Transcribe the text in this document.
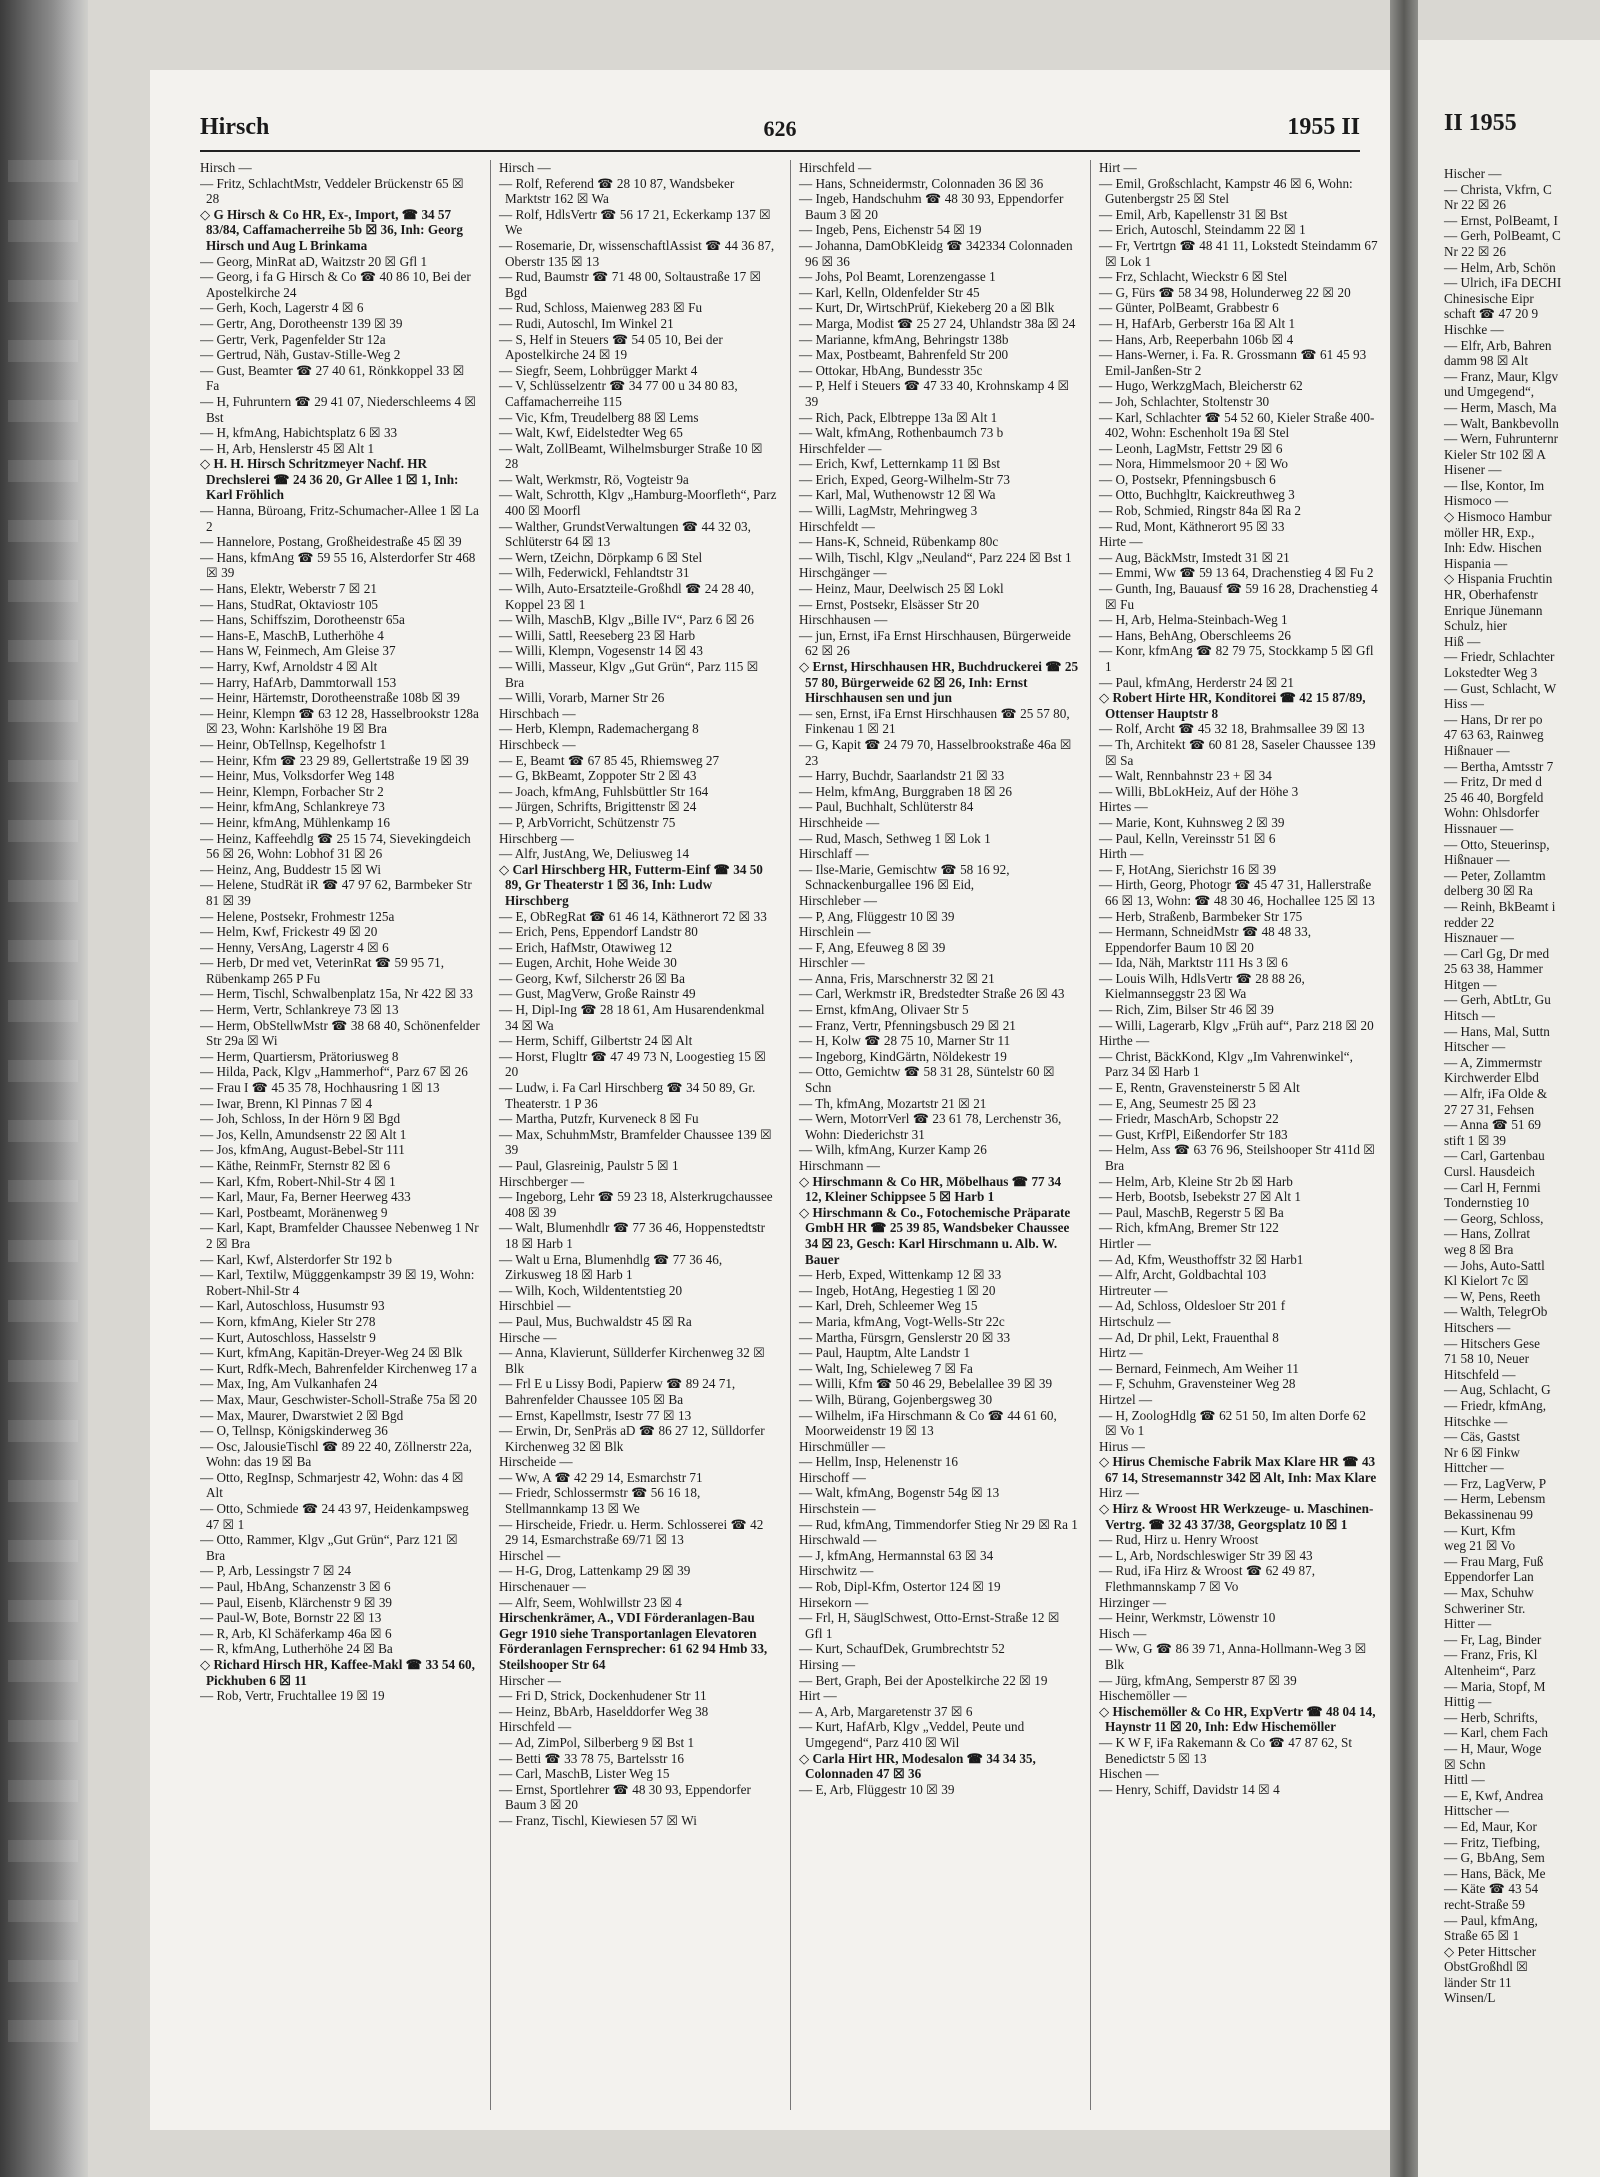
Hirsch	626	1955 II
Hirsch —
— Fritz, SchlachtMstr, Veddeler Brückenstr 65 ☒ 28
◇ G Hirsch & Co HR, Ex-, Import, ☎ 34 57 83/84, Caffamacherreihe 5b ☒ 36, Inh: Georg Hirsch und Aug L Brinkama
— Georg, MinRat aD, Waitzstr 20 ☒ Gfl 1
— Georg, i fa G Hirsch & Co ☎ 40 86 10, Bei der Apostelkirche 24
— Gerh, Koch, Lagerstr 4 ☒ 6
— Gertr, Ang, Dorotheenstr 139 ☒ 39
— Gertr, Verk, Pagenfelder Str 12a
— Gertrud, Näh, Gustav-Stille-Weg 2
— Gust, Beamter ☎ 27 40 61, Rönkkoppel 33 ☒ Fa
— H, Fuhruntern ☎ 29 41 07, Niederschleems 4 ☒ Bst
— H, kfmAng, Habichtsplatz 6 ☒ 33
— H, Arb, Henslerstr 45 ☒ Alt 1
◇ H. H. Hirsch Schritzmeyer Nachf. HR Drechslerei ☎ 24 36 20, Gr Allee 1 ☒ 1, Inh: Karl Fröhlich
— Hanna, Büroang, Fritz-Schumacher-Allee 1 ☒ La 2
— Hannelore, Postang, Großheidestraße 45 ☒ 39
— Hans, kfmAng ☎ 59 55 16, Alsterdorfer Str 468 ☒ 39
— Hans, Elektr, Weberstr 7 ☒ 21
— Hans, StudRat, Oktaviostr 105
— Hans, Schiffszim, Dorotheenstr 65a
— Hans-E, MaschB, Lutherhöhe 4
— Hans W, Feinmech, Am Gleise 37
— Harry, Kwf, Arnoldstr 4 ☒ Alt
— Harry, HafArb, Dammtorwall 153
— Heinr, Härtemstr, Dorotheenstraße 108b ☒ 39
— Heinr, Klempn ☎ 63 12 28, Hasselbrookstr 128a ☒ 23, Wohn: Karlshöhe 19 ☒ Bra
— Heinr, ObTellnsp, Kegelhofstr 1
— Heinr, Kfm ☎ 23 29 89, Gellertstraße 19 ☒ 39
— Heinr, Mus, Volksdorfer Weg 148
— Heinr, Klempn, Forbacher Str 2
— Heinr, kfmAng, Schlankreye 73
— Heinr, kfmAng, Mühlenkamp 16
— Heinz, Kaffeehdlg ☎ 25 15 74, Sievekingdeich 56 ☒ 26, Wohn: Lobhof 31 ☒ 26
— Heinz, Ang, Buddestr 15 ☒ Wi
— Helene, StudRät iR ☎ 47 97 62, Barmbeker Str 81 ☒ 39
— Helene, Postsekr, Frohmestr 125a
— Helm, Kwf, Frickestr 49 ☒ 20
— Henny, VersAng, Lagerstr 4 ☒ 6
— Herb, Dr med vet, VeterinRat ☎ 59 95 71, Rübenkamp 265 P Fu
— Herm, Tischl, Schwalbenplatz 15a, Nr 422 ☒ 33
— Herm, Vertr, Schlankreye 73 ☒ 13
— Herm, ObStellwMstr ☎ 38 68 40, Schönenfelder Str 29a ☒ Wi
— Herm, Quartiersm, Prätoriusweg 8
— Hilda, Pack, Klgv „Hammerhof“, Parz 67 ☒ 26
— Frau I ☎ 45 35 78, Hochhausring 1 ☒ 13
— Iwar, Brenn, Kl Pinnas 7 ☒ 4
— Joh, Schloss, In der Hörn 9 ☒ Bgd
— Jos, Kelln, Amundsenstr 22 ☒ Alt 1
— Jos, kfmAng, August-Bebel-Str 111
— Käthe, ReinmFr, Sternstr 82 ☒ 6
— Karl, Kfm, Robert-Nhil-Str 4 ☒ 1
— Karl, Maur, Fa, Berner Heerweg 433
— Karl, Postbeamt, Moränenweg 9
— Karl, Kapt, Bramfelder Chaussee Nebenweg 1 Nr 2 ☒ Bra
— Karl, Kwf, Alsterdorfer Str 192 b
— Karl, Textilw, Mügggenkampstr 39 ☒ 19, Wohn: Robert-Nhil-Str 4
— Karl, Autoschloss, Husumstr 93
— Korn, kfmAng, Kieler Str 278
— Kurt, Autoschloss, Hasselstr 9
— Kurt, kfmAng, Kapitän-Dreyer-Weg 24 ☒ Blk
— Kurt, Rdfk-Mech, Bahrenfelder Kirchenweg 17 a
— Max, Ing, Am Vulkanhafen 24
— Max, Maur, Geschwister-Scholl-Straße 75a ☒ 20
— Max, Maurer, Dwarstwiet 2 ☒ Bgd
— O, Tellnsp, Königskinderweg 36
— Osc, JalousieTischl ☎ 89 22 40, Zöllnerstr 22a, Wohn: das 19 ☒ Ba
— Otto, RegInsp, Schmarjestr 42, Wohn: das 4 ☒ Alt
— Otto, Schmiede ☎ 24 43 97, Heidenkampsweg 47 ☒ 1
— Otto, Rammer, Klgv „Gut Grün“, Parz 121 ☒ Bra
— P, Arb, Lessingstr 7 ☒ 24
— Paul, HbAng, Schanzenstr 3 ☒ 6
— Paul, Eisenb, Klärchenstr 9 ☒ 39
— Paul-W, Bote, Bornstr 22 ☒ 13
— R, Arb, Kl Schäferkamp 46a ☒ 6
— R, kfmAng, Lutherhöhe 24 ☒ Ba
◇ Richard Hirsch HR, Kaffee-Makl ☎ 33 54 60, Pickhuben 6 ☒ 11
— Rob, Vertr, Fruchtallee 19 ☒ 19
Hirsch —
— Rolf, Referend ☎ 28 10 87, Wandsbeker Marktstr 162 ☒ Wa
— Rolf, HdlsVertr ☎ 56 17 21, Eckerkamp 137 ☒ We
— Rosemarie, Dr, wissenschaftlAssist ☎ 44 36 87, Oberstr 135 ☒ 13
— Rud, Baumstr ☎ 71 48 00, Soltaustraße 17 ☒ Bgd
— Rud, Schloss, Maienweg 283 ☒ Fu
— Rudi, Autoschl, Im Winkel 21
— S, Helf in Steuers ☎ 54 05 10, Bei der Apostelkirche 24 ☒ 19
— Siegfr, Seem, Lohbrügger Markt 4
— V, Schlüsselzentr ☎ 34 77 00 u 34 80 83, Caffamacherreihe 115
— Vic, Kfm, Treudelberg 88 ☒ Lems
— Walt, Kwf, Eidelstedter Weg 65
— Walt, ZollBeamt, Wilhelmsburger Straße 10 ☒ 28
— Walt, Werkmstr, Rö, Vogteistr 9a
— Walt, Schrotth, Klgv „Hamburg-Moorfleth“, Parz 400 ☒ Moorfl
— Walther, GrundstVerwaltungen ☎ 44 32 03, Schlüterstr 64 ☒ 13
— Wern, tZeichn, Dörpkamp 6 ☒ Stel
— Wilh, Federwickl, Fehlandtstr 31
— Wilh, Auto-Ersatzteile-Großhdl ☎ 24 28 40, Koppel 23 ☒ 1
— Wilh, MaschB, Klgv „Bille IV“, Parz 6 ☒ 26
— Willi, Sattl, Reeseberg 23 ☒ Harb
— Willi, Klempn, Vogesenstr 14 ☒ 43
— Willi, Masseur, Klgv „Gut Grün“, Parz 115 ☒ Bra
— Willi, Vorarb, Marner Str 26
Hirschbach —
— Herb, Klempn, Rademachergang 8
Hirschbeck —
— E, Beamt ☎ 67 85 45, Rhiemsweg 27
— G, BkBeamt, Zoppoter Str 2 ☒ 43
— Joach, kfmAng, Fuhlsbüttler Str 164
— Jürgen, Schrifts, Brigittenstr ☒ 24
— P, ArbVorricht, Schützenstr 75
Hirschberg —
— Alfr, JustAng, We, Deliusweg 14
◇ Carl Hirschberg HR, Futterm-Einf ☎ 34 50 89, Gr Theaterstr 1 ☒ 36, Inh: Ludw Hirschberg
— E, ObRegRat ☎ 61 46 14, Käthnerort 72 ☒ 33
— Erich, Pens, Eppendorf Landstr 80
— Erich, HafMstr, Otawiweg 12
— Eugen, Archit, Hohe Weide 30
— Georg, Kwf, Silcherstr 26 ☒ Ba
— Gust, MagVerw, Große Rainstr 49
— H, Dipl-Ing ☎ 28 18 61, Am Husarendenkmal 34 ☒ Wa
— Herm, Schiff, Gilbertstr 24 ☒ Alt
— Horst, Flugltr ☎ 47 49 73 N, Loogestieg 15 ☒ 20
— Ludw, i. Fa Carl Hirschberg ☎ 34 50 89, Gr. Theaterstr. 1 P 36
— Martha, Putzfr, Kurveneck 8 ☒ Fu
— Max, SchuhmMstr, Bramfelder Chaussee 139 ☒ 39
— Paul, Glasreinig, Paulstr 5 ☒ 1
Hirschberger —
— Ingeborg, Lehr ☎ 59 23 18, Alsterkrugchaussee 408 ☒ 39
— Walt, Blumenhdlr ☎ 77 36 46, Hoppenstedtstr 18 ☒ Harb 1
— Walt u Erna, Blumenhdlg ☎ 77 36 46, Zirkusweg 18 ☒ Harb 1
— Wilh, Koch, Wildententstieg 20
Hirschbiel —
— Paul, Mus, Buchwaldstr 45 ☒ Ra
Hirsche —
— Anna, Klavierunt, Süllderfer Kirchenweg 32 ☒ Blk
— Frl E u Lissy Bodi, Papierw ☎ 89 24 71, Bahrenfelder Chaussee 105 ☒ Ba
— Ernst, Kapellmstr, Isestr 77 ☒ 13
— Erwin, Dr, SenPräs aD ☎ 86 27 12, Sülldorfer Kirchenweg 32 ☒ Blk
Hirscheide —
— Ww, A ☎ 42 29 14, Esmarchstr 71
— Friedr, Schlossermstr ☎ 56 16 18, Stellmannkamp 13 ☒ We
— Hirscheide, Friedr. u. Herm. Schlosserei ☎ 42 29 14, Esmarchstraße 69/71 ☒ 13
Hirschel —
— H-G, Drog, Lattenkamp 29 ☒ 39
Hirschenauer —
— Alfr, Seem, Wohlwillstr 23 ☒ 4
Hirschenkrämer, A., VDI Förderanlagen-Bau
Gegr 1910 siehe Transportanlagen Elevatoren Förderanlagen Fernsprecher: 61 62 94 Hmb 33, Steilshooper Str 64
Hirscher —
— Fri D, Strick, Dockenhudener Str 11
— Heinz, BbArb, Haselddorfer Weg 38
Hirschfeld —
— Ad, ZimPol, Silberberg 9 ☒ Bst 1
— Betti ☎ 33 78 75, Bartelsstr 16
— Carl, MaschB, Lister Weg 15
— Ernst, Sportlehrer ☎ 48 30 93, Eppendorfer Baum 3 ☒ 20
— Franz, Tischl, Kiewiesen 57 ☒ Wi
Hirschfeld —
— Hans, Schneidermstr, Colonnaden 36 ☒ 36
— Ingeb, Handschuhm ☎ 48 30 93, Eppendorfer Baum 3 ☒ 20
— Ingeb, Pens, Eichenstr 54 ☒ 19
— Johanna, DamObKleidg ☎ 342334 Colonnaden 96 ☒ 36
— Johs, Pol Beamt, Lorenzengasse 1
— Karl, Kelln, Oldenfelder Str 45
— Kurt, Dr, WirtschPrüf, Kiekeberg 20 a ☒ Blk
— Marga, Modist ☎ 25 27 24, Uhlandstr 38a ☒ 24
— Marianne, kfmAng, Behringstr 138b
— Max, Postbeamt, Bahrenfeld Str 200
— Ottokar, HbAng, Bundesstr 35c
— P, Helf i Steuers ☎ 47 33 40, Krohnskamp 4 ☒ 39
— Rich, Pack, Elbtreppe 13a ☒ Alt 1
— Walt, kfmAng, Rothenbaumch 73 b
Hirschfelder —
— Erich, Kwf, Letternkamp 11 ☒ Bst
— Erich, Exped, Georg-Wilhelm-Str 73
— Karl, Mal, Wuthenowstr 12 ☒ Wa
— Willi, LagMstr, Mehringweg 3
Hirschfeldt —
— Hans-K, Schneid, Rübenkamp 80c
— Wilh, Tischl, Klgv „Neuland“, Parz 224 ☒ Bst 1
Hirschgänger —
— Heinz, Maur, Deelwisch 25 ☒ Lokl
— Ernst, Postsekr, Elsässer Str 20
Hirschhausen —
— jun, Ernst, iFa Ernst Hirschhausen, Bürgerweide 62 ☒ 26
◇ Ernst, Hirschhausen HR, Buchdruckerei ☎ 25 57 80, Bürgerweide 62 ☒ 26, Inh: Ernst Hirschhausen sen und jun
— sen, Ernst, iFa Ernst Hirschhausen ☎ 25 57 80, Finkenau 1 ☒ 21
— G, Kapit ☎ 24 79 70, Hasselbrookstraße 46a ☒ 23
— Harry, Buchdr, Saarlandstr 21 ☒ 33
— Helm, kfmAng, Burggraben 18 ☒ 26
— Paul, Buchhalt, Schlüterstr 84
Hirschheide —
— Rud, Masch, Sethweg 1 ☒ Lok 1
Hirschlaff —
— Ilse-Marie, Gemischtw ☎ 58 16 92, Schnackenburgallee 196 ☒ Eid,
Hirschleber —
— P, Ang, Flüggestr 10 ☒ 39
Hirschlein —
— F, Ang, Efeuweg 8 ☒ 39
Hirschler —
— Anna, Fris, Marschnerstr 32 ☒ 21
— Carl, Werkmstr iR, Bredstedter Straße 26 ☒ 43
— Ernst, kfmAng, Olivaer Str 5
— Franz, Vertr, Pfenningsbusch 29 ☒ 21
— H, Kolw ☎ 28 75 10, Marner Str 11
— Ingeborg, KindGärtn, Nöldekestr 19
— Otto, Gemichtw ☎ 58 31 28, Süntelstr 60 ☒ Schn
— Th, kfmAng, Mozartstr 21 ☒ 21
— Wern, MotorrVerl ☎ 23 61 78, Lerchenstr 36, Wohn: Diederichstr 31
— Wilh, kfmAng, Kurzer Kamp 26
Hirschmann —
◇ Hirschmann & Co HR, Möbelhaus ☎ 77 34 12, Kleiner Schippsee 5 ☒ Harb 1
◇ Hirschmann & Co., Fotochemische Präparate GmbH HR ☎ 25 39 85, Wandsbeker Chaussee 34 ☒ 23, Gesch: Karl Hirschmann u. Alb. W. Bauer
— Herb, Exped, Wittenkamp 12 ☒ 33
— Ingeb, HotAng, Hegestieg 1 ☒ 20
— Karl, Dreh, Schleemer Weg 15
— Maria, kfmAng, Vogt-Wells-Str 22c
— Martha, Fürsgrn, Genslerstr 20 ☒ 33
— Paul, Hauptm, Alte Landstr 1
— Walt, Ing, Schieleweg 7 ☒ Fa
— Willi, Kfm ☎ 50 46 29, Bebelallee 39 ☒ 39
— Wilh, Bürang, Gojenbergsweg 30
— Wilhelm, iFa Hirschmann & Co ☎ 44 61 60, Moorweidenstr 19 ☒ 13
Hirschmüller —
— Hellm, Insp, Helenenstr 16
Hirschoff —
— Walt, kfmAng, Bogenstr 54g ☒ 13
Hirschstein —
— Rud, kfmAng, Timmendorfer Stieg Nr 29 ☒ Ra 1
Hirschwald —
— J, kfmAng, Hermannstal 63 ☒ 34
Hirschwitz —
— Rob, Dipl-Kfm, Ostertor 124 ☒ 19
Hirsekorn —
— Frl, H, SäuglSchwest, Otto-Ernst-Straße 12 ☒ Gfl 1
— Kurt, SchaufDek, Grumbrechtstr 52
Hirsing —
— Bert, Graph, Bei der Apostelkirche 22 ☒ 19
Hirt —
— A, Arb, Margaretenstr 37 ☒ 6
— Kurt, HafArb, Klgv „Veddel, Peute und Umgegend“, Parz 410 ☒ Wil
◇ Carla Hirt HR, Modesalon ☎ 34 34 35, Colonnaden 47 ☒ 36
— E, Arb, Flüggestr 10 ☒ 39
Hirt —
— Emil, Großschlacht, Kampstr 46 ☒ 6, Wohn: Gutenbergstr 25 ☒ Stel
— Emil, Arb, Kapellenstr 31 ☒ Bst
— Erich, Autoschl, Steindamm 22 ☒ 1
— Fr, Vertrtgn ☎ 48 41 11, Lokstedt Steindamm 67 ☒ Lok 1
— Frz, Schlacht, Wieckstr 6 ☒ Stel
— G, Fürs ☎ 58 34 98, Holunderweg 22 ☒ 20
— Günter, PolBeamt, Grabbestr 6
— H, HafArb, Gerberstr 16a ☒ Alt 1
— Hans, Arb, Reeperbahn 106b ☒ 4
— Hans-Werner, i. Fa. R. Grossmann ☎ 61 45 93 Emil-Janßen-Str 2
— Hugo, WerkzgMach, Bleicherstr 62
— Joh, Schlachter, Stoltenstr 30
— Karl, Schlachter ☎ 54 52 60, Kieler Straße 400-402, Wohn: Eschenholt 19a ☒ Stel
— Leonh, LagMstr, Fettstr 29 ☒ 6
— Nora, Himmelsmoor 20 + ☒ Wo
— O, Postsekr, Pfenningsbusch 6
— Otto, Buchhgltr, Kaickreuthweg 3
— Rob, Schmied, Ringstr 84a ☒ Ra 2
— Rud, Mont, Käthnerort 95 ☒ 33
Hirte —
— Aug, BäckMstr, Imstedt 31 ☒ 21
— Emmi, Ww ☎ 59 13 64, Drachenstieg 4 ☒ Fu 2
— Gunth, Ing, Bauausf ☎ 59 16 28, Drachenstieg 4 ☒ Fu
— H, Arb, Helma-Steinbach-Weg 1
— Hans, BehAng, Oberschleems 26
— Konr, kfmAng ☎ 82 79 75, Stockkamp 5 ☒ Gfl 1
— Paul, kfmAng, Herderstr 24 ☒ 21
◇ Robert Hirte HR, Konditorei ☎ 42 15 87/89, Ottenser Hauptstr 8
— Rolf, Archt ☎ 45 32 18, Brahmsallee 39 ☒ 13
— Th, Architekt ☎ 60 81 28, Saseler Chaussee 139 ☒ Sa
— Walt, Rennbahnstr 23 + ☒ 34
— Willi, BbLokHeiz, Auf der Höhe 3
Hirtes —
— Marie, Kont, Kuhnsweg 2 ☒ 39
— Paul, Kelln, Vereinsstr 51 ☒ 6
Hirth —
— F, HotAng, Sierichstr 16 ☒ 39
— Hirth, Georg, Photogr ☎ 45 47 31, Hallerstraße 66 ☒ 13, Wohn: ☎ 48 30 46, Hochallee 125 ☒ 13
— Herb, Straßenb, Barmbeker Str 175
— Hermann, SchneidMstr ☎ 48 48 33, Eppendorfer Baum 10 ☒ 20
— Ida, Näh, Marktstr 111 Hs 3 ☒ 6
— Louis Wilh, HdlsVertr ☎ 28 88 26, Kielmannseggstr 23 ☒ Wa
— Rich, Zim, Bilser Str 46 ☒ 39
— Willi, Lagerarb, Klgv „Früh auf“, Parz 218 ☒ 20
Hirthe —
— Christ, BäckKond, Klgv „Im Vahrenwinkel“, Parz 34 ☒ Harb 1
— E, Rentn, Gravensteinerstr 5 ☒ Alt
— E, Ang, Seumestr 25 ☒ 23
— Friedr, MaschArb, Schopstr 22
— Gust, KrfPl, Eißendorfer Str 183
— Helm, Ass ☎ 63 76 96, Steilshooper Str 411d ☒ Bra
— Helm, Arb, Kleine Str 2b ☒ Harb
— Herb, Bootsb, Isebekstr 27 ☒ Alt 1
— Paul, MaschB, Regerstr 5 ☒ Ba
— Rich, kfmAng, Bremer Str 122
Hirtler —
— Ad, Kfm, Weusthoffstr 32 ☒ Harb1
— Alfr, Archt, Goldbachtal 103
Hirtreuter —
— Ad, Schloss, Oldesloer Str 201 f
Hirtschulz —
— Ad, Dr phil, Lekt, Frauenthal 8
Hirtz —
— Bernard, Feinmech, Am Weiher 11
— F, Schuhm, Gravensteiner Weg 28
Hirtzel —
— H, ZoologHdlg ☎ 62 51 50, Im alten Dorfe 62 ☒ Vo 1
Hirus —
◇ Hirus Chemische Fabrik Max Klare HR ☎ 43 67 14, Stresemannstr 342 ☒ Alt, Inh: Max Klare
Hirz —
◇ Hirz & Wroost HR Werkzeuge- u. Maschinen-Vertrg. ☎ 32 43 37/38, Georgsplatz 10 ☒ 1
— Rud, Hirz u. Henry Wroost
— L, Arb, Nordschleswiger Str 39 ☒ 43
— Rud, iFa Hirz & Wroost ☎ 62 49 87, Flethmannskamp 7 ☒ Vo
Hirzinger —
— Heinr, Werkmstr, Löwenstr 10
Hisch —
— Ww, G ☎ 86 39 71, Anna-Hollmann-Weg 3 ☒ Blk
— Jürg, kfmAng, Semperstr 87 ☒ 39
Hischemöller —
◇ Hischemöller & Co HR, ExpVertr ☎ 48 04 14, Haynstr 11 ☒ 20, Inh: Edw Hischemöller
— K W F, iFa Rakemann & Co ☎ 47 87 62, St Benedictstr 5 ☒ 13
Hischen —
— Henry, Schiff, Davidstr 14 ☒ 4
II 1955
Hischer —
— Christa, Vkfrn, C
Nr 22 ☒ 26
— Ernst, PolBeamt, I
— Gerh, PolBeamt, C
Nr 22 ☒ 26
— Helm, Arb, Schön
— Ulrich, iFa DECHI
Chinesische Eipr
schaft ☎ 47 20 9
Hischke —
— Elfr, Arb, Bahren
damm 98 ☒ Alt
— Franz, Maur, Klgv
und Umgegend“,
— Herm, Masch, Ma
— Walt, Bankbevolln
— Wern, Fuhrunternr
Kieler Str 102 ☒ A
Hisener —
— Ilse, Kontor, Im
Hismoco —
◇ Hismoco Hambur
möller HR, Exp.,
Inh: Edw. Hischen
Hispania —
◇ Hispania Fruchtin
HR, Oberhafenstr
Enrique Jünemann
Schulz, hier
Hiß —
— Friedr, Schlachter
Lokstedter Weg 3
— Gust, Schlacht, W
Hiss —
— Hans, Dr rer po
47 63 63, Rainweg
Hißnauer —
— Bertha, Amtsstr 7
— Fritz, Dr med d
25 46 40, Borgfeld
Wohn: Ohlsdorfer
Hissnauer —
— Otto, Steuerinsp,
Hißnauer —
— Peter, Zollamtm
delberg 30 ☒ Ra
— Reinh, BkBeamt i
redder 22
Hisznauer —
— Carl Gg, Dr med
25 63 38, Hammer
Hitgen —
— Gerh, AbtLtr, Gu
Hitsch —
— Hans, Mal, Suttn
Hitscher —
— A, Zimmermstr
Kirchwerder Elbd
— Alfr, iFa Olde &
27 27 31, Fehsen
— Anna ☎ 51 69
stift 1 ☒ 39
— Carl, Gartenbau
Cursl. Hausdeich
— Carl H, Fernmi
Tondernstieg 10
— Georg, Schloss,
— Hans, Zollrat
weg 8 ☒ Bra
— Johs, Auto-Sattl
Kl Kielort 7c ☒
— W, Pens, Reeth
— Walth, TelegrOb
Hitschers —
— Hitschers Gese
71 58 10, Neuer
Hitschfeld —
— Aug, Schlacht, G
— Friedr, kfmAng,
Hitschke —
— Cäs, Gastst
Nr 6 ☒ Finkw
Hittcher —
— Frz, LagVerw, P
— Herm, Lebensm
Bekassinenau 99
— Kurt, Kfm
weg 21 ☒ Vo
— Frau Marg, Fuß
Eppendorfer Lan
— Max, Schuhw
Schweriner Str.
Hitter —
— Fr, Lag, Binder
— Franz, Fris, Kl
Altenheim“, Parz
— Maria, Stopf, M
Hittig —
— Herb, Schrifts,
— Karl, chem Fach
— H, Maur, Woge
☒ Schn
Hittl —
— E, Kwf, Andrea
Hittscher —
— Ed, Maur, Kor
— Fritz, Tiefbing,
— G, BbAng, Sem
— Hans, Bäck, Me
— Käte ☎ 43 54
recht-Straße 59
— Paul, kfmAng,
Straße 65 ☒ 1
◇ Peter Hittscher
ObstGroßhdl ☒
länder Str 11
Winsen/L
